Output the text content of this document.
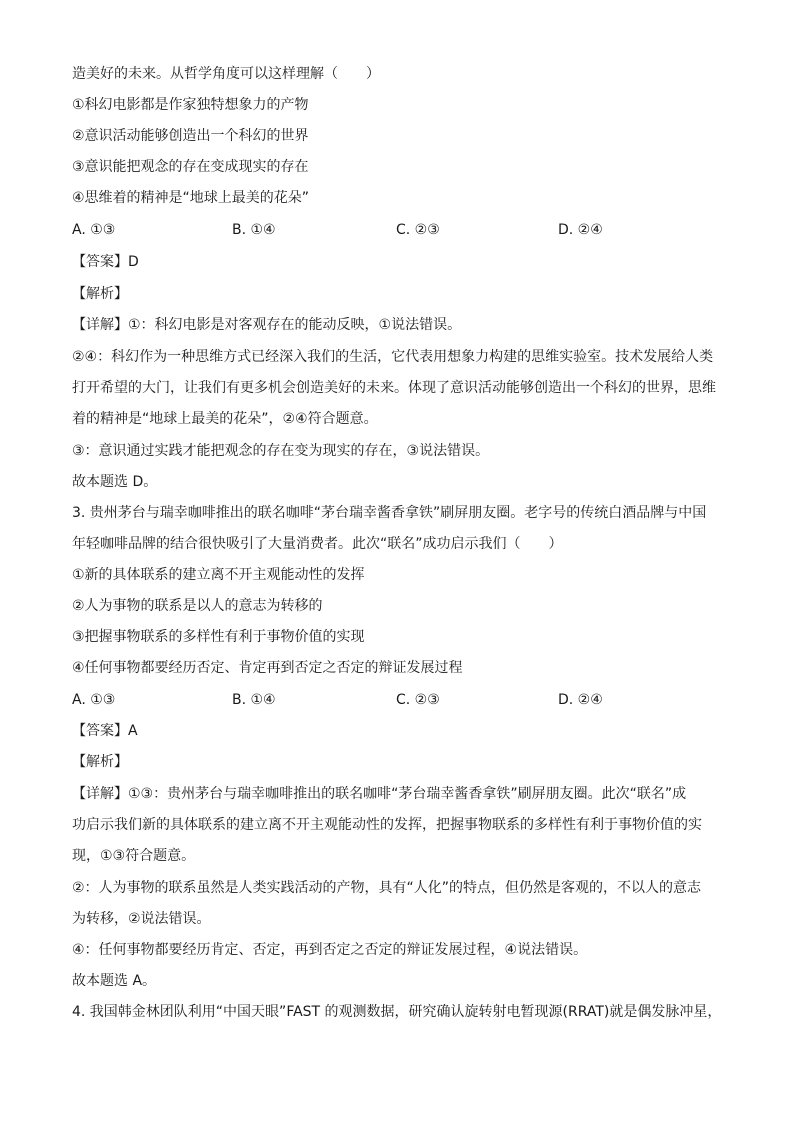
造美好的未来。从哲学角度可以这样理解（　　）
①科幻电影都是作家独特想象力的产物
②意识活动能够创造出一个科幻的世界
③意识能把观念的存在变成现实的存在
④思维着的精神是“地球上最美的花朵”
A. ①③	B. ①④	C. ②③	D. ②④
【答案】D
【解析】
【详解】①：科幻电影是对客观存在的能动反映，①说法错误。
②④：科幻作为一种思维方式已经深入我们的生活，它代表用想象力构建的思维实验室。技术发展给人类
打开希望的大门，让我们有更多机会创造美好的未来。体现了意识活动能够创造出一个科幻的世界，思维
着的精神是“地球上最美的花朵”，②④符合题意。
③：意识通过实践才能把观念的存在变为现实的存在，③说法错误。
故本题选 D。
3. 贵州茅台与瑞幸咖啡推出的联名咖啡“茅台瑞幸酱香拿铁”刷屏朋友圈。老字号的传统白酒品牌与中国
年轻咖啡品牌的结合很快吸引了大量消费者。此次“联名”成功启示我们（　　）
①新的具体联系的建立离不开主观能动性的发挥
②人为事物的联系是以人的意志为转移的
③把握事物联系的多样性有利于事物价值的实现
④任何事物都要经历否定、肯定再到否定之否定的辩证发展过程
A. ①③	B. ①④	C. ②③	D. ②④
【答案】A
【解析】
【详解】①③：贵州茅台与瑞幸咖啡推出的联名咖啡“茅台瑞幸酱香拿铁”刷屏朋友圈。此次“联名”成
功启示我们新的具体联系的建立离不开主观能动性的发挥，把握事物联系的多样性有利于事物价值的实
现，①③符合题意。
②：人为事物的联系虽然是人类实践活动的产物，具有“人化”的特点，但仍然是客观的，不以人的意志
为转移，②说法错误。
④：任何事物都要经历肯定、否定，再到否定之否定的辩证发展过程，④说法错误。
故本题选 A。
4. 我国韩金林团队利用“中国天眼”FAST 的观测数据，研究确认旋转射电暂现源(RRAT)就是偶发脉冲星，
